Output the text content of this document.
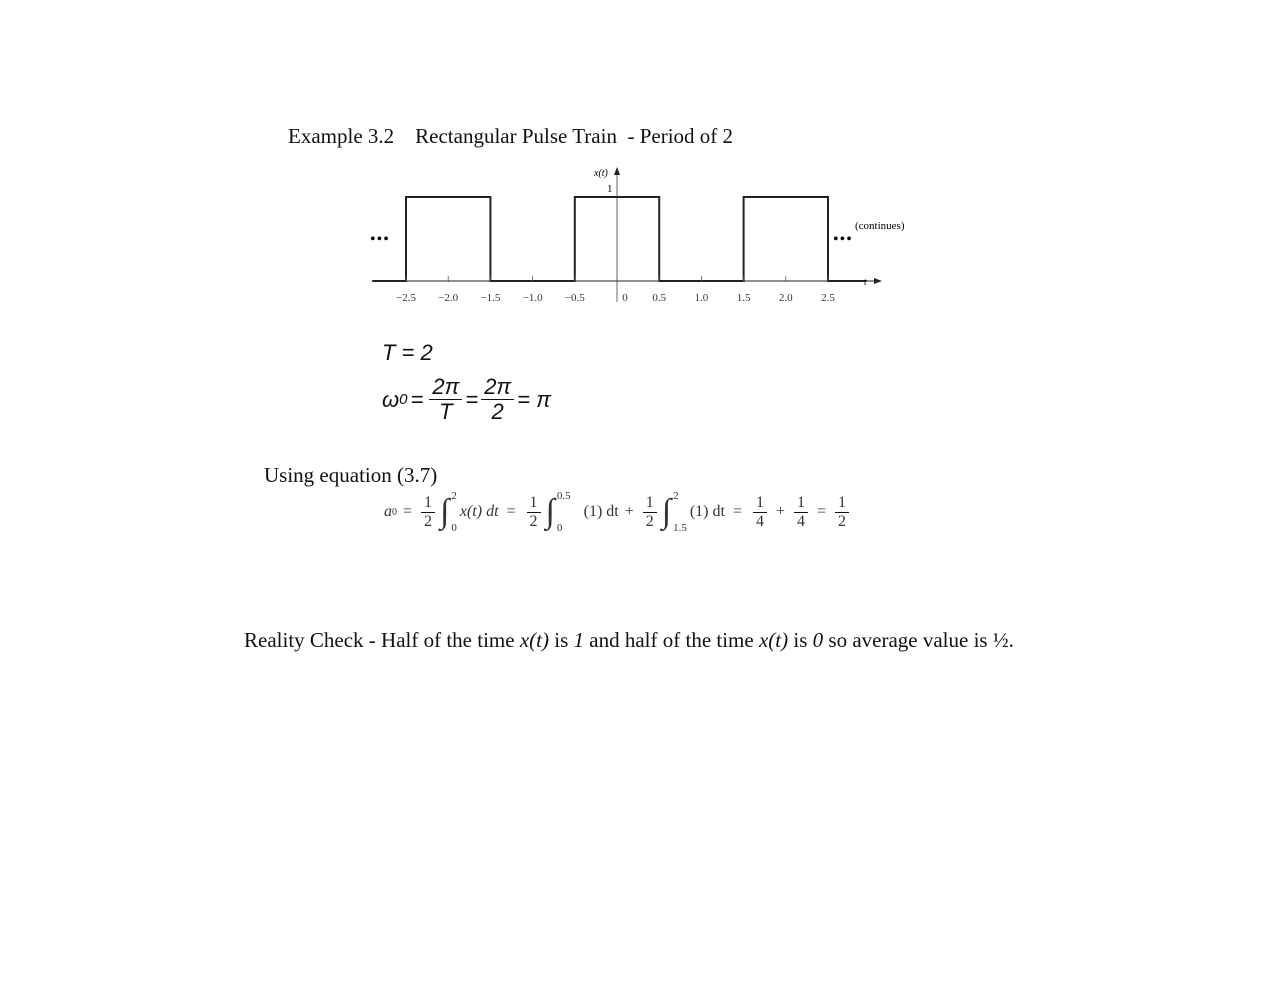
Example 3.2    Rectangular Pulse Train  - Period of 2
−2.5 −2.0 −1.5 −1.0 −0.5	0 0.5	1.0	1.5	2.0	2.5
x(t)
1
t
•••	•••
(continues)
T = 2
ω $0 = \frac{2\pi}{T} = \frac{2\pi}{2} = \pi$
Using equation (3.7)
a $0 = \frac{1}{2}$ ∫ 2
0
x(t) dt = $\frac{1}{2}$ ∫ 0.5
0
(1) dt + $\frac{1}{2}$ ∫ 2
1.5
(1) dt = $\frac{1}{4} + \frac{1}{4} = \frac{1}{2}$
Reality Check - Half of the time x(t) is 1 and half of the time x(t) is 0 so average value is ½.
